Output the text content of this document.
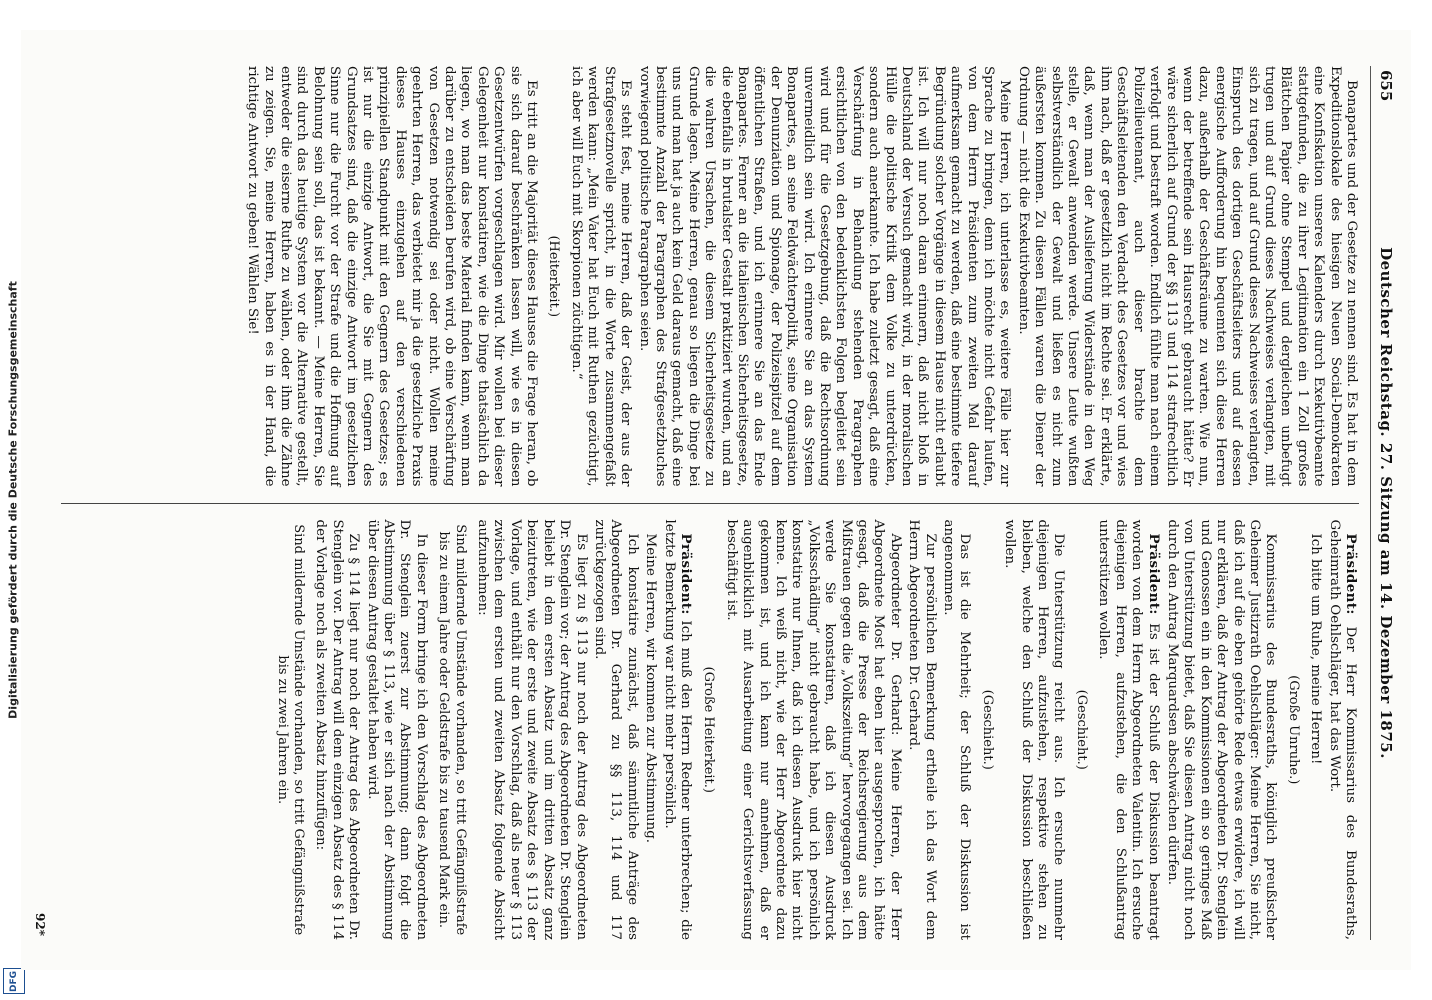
Digitalisierung gefördert durch die Deutsche Forschungsgemeinschaft
DFG
655
Deutscher Reichstag. 27. Sitzung am 14. Dezember 1875.

Bonapartes und der Gesetze zu nennen sind. Es hat in dem Expeditionslokale des hiesigen Neuen Social-Demokraten eine Konfiskation unseres Kalenders durch Exekutivbeamte stattgefunden, die zu ihrer Legitimation ein 1 Zoll großes Blättchen Papier ohne Stempel und dergleichen unbefugt trugen und auf Grund dieses Nachweises verlangten, mit sich zu tragen, und auf Grund dieses Nachweises verlangten, Einspruch des dortigen Geschäftsleiters und auf dessen energische Aufforderung hin bequemten sich diese Herren dazu, außerhalb der Geschäftsräume zu warten. Wie nun, wenn der betreffende sein Hausrecht gebraucht hätte? Er wäre sicherlich auf Grund der §§ 113 und 114 strafrechtlich verfolgt und bestraft worden. Endlich fühlte man nach einem Polizeilieutenant, auch dieser brachte dem Geschäftsleitenden den Verdacht des Gesetzes vor und wies ihm nach, daß er gesetzlich nicht im Rechte sei. Er erklärte, daß, wenn man der Auslieferung Widerstände in den Weg stelle, er Gewalt anwenden werde. Unsere Leute wußten selbstverständlich der Gewalt und ließen es nicht zum äußersten kommen. Zu diesen Fällen waren die Diener der Ordnung — nicht die Exekutivbeamten.

Meine Herren, ich unterlasse es, weitere Fälle hier zur Sprache zu bringen, denn ich möchte nicht Gefahr laufen, von dem Herrn Präsidenten zum zweiten Mal darauf aufmerksam gemacht zu werden, daß eine bestimmte tiefere Begründung solcher Vorgänge in diesem Hause nicht erlaubt ist. Ich will nur noch daran erinnern, daß nicht bloß in Deutschland der Versuch gemacht wird, in der moralischen Hülle die politische Kritik dem Volke zu unterdrücken, sondern auch anerkannte. Ich habe zuletzt gesagt, daß eine Verschärfung in Behandlung stehenden Paragraphen ersichtlichen von den bedenklichsten Folgen begleitet sein wird und für die Gesetzgebung, daß die Rechtsordnung unvermeidlich sein wird. Ich erinnere Sie an das System Bonapartes, an seine Feldwächterpolitik, seine Organisation der Denunziation und Spionage, der Polizeispitzel auf dem öffentlichen Straßen, und ich erinnere Sie an das Ende Bonapartes. Ferner an die italienischen Sicherheitsgesetze, die ebenfalls in brutalster Gestalt praktiziert wurden, und an die wahren Ursachen, die diesem Sicherheitsgesetze zu Grunde lagen. Meine Herren, genau so liegen die Dinge bei uns und man hat ja auch kein Geld daraus gemacht, daß eine bestimmte Anzahl der Paragraphen des Strafgesetzbuches vorwiegend politische Paragraphen seien.

Es steht fest, meine Herren, daß der Geist, der aus der Strafgesetznovelle spricht, in die Worte zusammengefaßt werden kann: „Mein Vater hat Euch mit Ruthen gezüchtigt, ich aber will Euch mit Skorpionen züchtigen.“

(Heiterkeit.)

Es tritt an die Majorität dieses Hauses die Frage heran, ob sie sich darauf beschränken lassen will, wie es in diesen Gesetzentwürfen vorgeschlagen wird. Mir wollen bei dieser Gelegenheit nur konstatiren, wie die Dinge thatsächlich da liegen, wo man das beste Material finden kann, wenn man darüber zu entscheiden berufen wird, ob eine Verschärfung von Gesetzen notwendig sei oder nicht. Wollen meine geehrten Herren, das verbietet mir ja die gesetzliche Praxis dieses Hauses einzugehen auf den verschiedenen prinzipiellen Standpunkt mit den Gegnern des Gesetzes; es ist nur die einzige Antwort, die Sie mit Gegnern des Grundsatzes sind, daß die einzige Antwort im gesetzlichen Sinne nur die Furcht vor der Strafe und die Hoffnung auf Belohnung sein soll, das ist bekannt. — Meine Herren, Sie sind durch das heutige System vor die Alternative gestellt, entweder die eiserne Ruthe zu wählen, oder ihm die Zähne zu zeigen. Sie, meine Herren, haben es in der Hand, die richtige Antwort zu geben! Wählen Sie!

Präsident: Der Herr Kommissarius des Bundesraths, Geheimrath Oehlschläger, hat das Wort.

Ich bitte um Ruhe, meine Herren!

(Große Unruhe.)

Kommissarius des Bundesraths, königlich preußischer Geheimer Justizrath Oehlschläger: Meine Herren, Sie nicht, daß ich auf die eben gehörte Rede etwas erwidere, ich will nur erklären, daß der Antrag der Abgeordneten Dr. Stenglein und Genossen ein in den Kommissionen ein so geringes Maß von Unterstützung bietet, daß Sie diesen Antrag nicht noch durch den Antrag Marquardsen abschwächen dürfen.

Präsident: Es ist der Schluß der Diskussion beantragt worden von dem Herrn Abgeordneten Valentin. Ich ersuche diejenigen Herren, aufzustehen, die den Schlußantrag unterstützen wollen.

(Geschieht.)

Die Unterstützung reicht aus. Ich ersuche nunmehr diejenigen Herren, aufzustehen, respektive stehen zu bleiben, welche den Schluß der Diskussion beschließen wollen.

(Geschieht.)

Das ist die Mehrheit; der Schluß der Diskussion ist angenommen.

Zur persönlichen Bemerkung ertheile ich das Wort dem Herrn Abgeordneten Dr. Gerhard.

Abgeordneter Dr. Gerhard: Meine Herren, der Herr Abgeordnete Most hat eben hier ausgesprochen, ich hätte gesagt, daß die Presse der Reichsregierung aus dem Mißtrauen gegen die „Volkszeitung“ hervorgegangen sei. Ich werde Sie konstatiren, daß ich diesen Ausdruck „Volksschädling“ nicht gebraucht habe, und ich persönlich konstatire nur Ihnen, daß ich diesen Ausdruck hier nicht kenne. Ich weiß nicht, wie der Herr Abgeordnete dazu gekommen ist, und ich kann nur annehmen, daß er augenblicklich mit Ausarbeitung einer Gerichtsverfassung beschäftigt ist.

(Große Heiterkeit.)

Präsident: Ich muß den Herrn Redner unterbrechen; die letzte Bemerkung war nicht mehr persönlich.

Meine Herren, wir kommen zur Abstimmung.

Ich konstatire zunächst, daß sämmtliche Anträge des Abgeordneten Dr. Gerhard zu §§ 113, 114 und 117 zurückgezogen sind.

Es liegt zu § 113 nur noch der Antrag des Abgeordneten Dr. Stenglein vor; der Antrag des Abgeordneten Dr. Stenglein beliebt in dem ersten Absatz und im dritten Absatz ganz beizutreten, wie der erste und zweite Absatz des § 113 der Vorlage, und enthält nur den Vorschlag, daß als neuer § 113 zwischen dem ersten und zweiten Absatz folgende Absicht aufzunehmen:

Sind mildernde Umstände vorhanden, so tritt Gefängnißstrafe bis zu einem Jahre oder Geldstrafe bis zu tausend Mark ein.

In dieser Form bringe ich den Vorschlag des Abgeordneten Dr. Stenglein zuerst zur Abstimmung; dann folgt die Abstimmung über § 113, wie er sich nach der Abstimmung über diesen Antrag gestaltet haben wird.

Zu § 114 liegt nur noch der Antrag des Abgeordneten Dr. Stenglein vor. Der Antrag will dem einzigen Absatz des § 114 der Vorlage noch als zweiten Absatz hinzufügen:

Sind mildernde Umstände vorhanden, so tritt Gefängnißstrafe bis zu zwei Jahren ein.
92*
